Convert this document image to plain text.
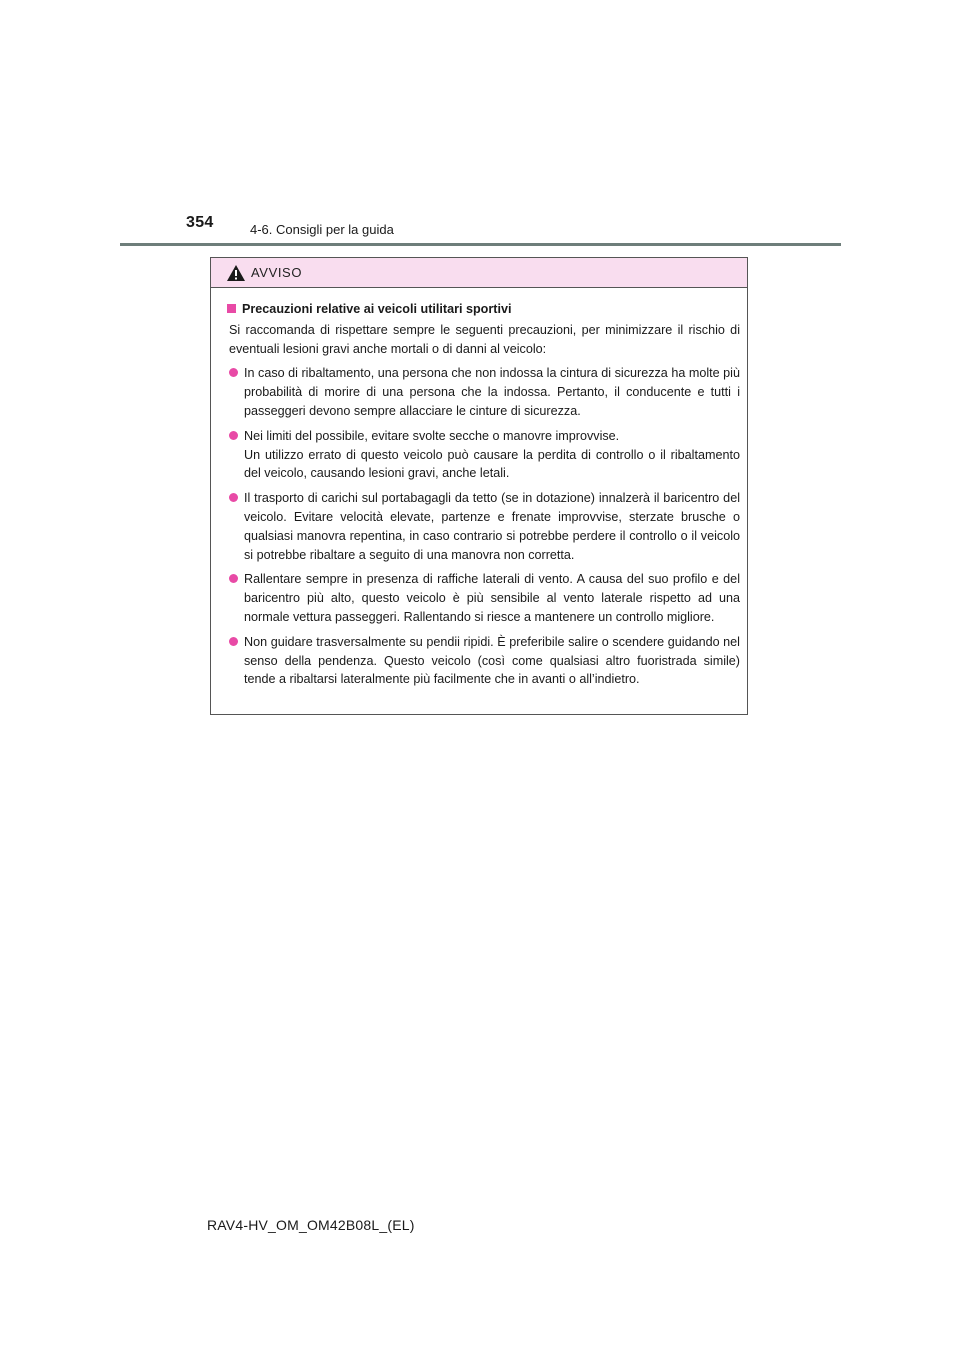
354	4-6. Consigli per la guida
AVVISO
Precauzioni relative ai veicoli utilitari sportivi

Si raccomanda di rispettare sempre le seguenti precauzioni, per minimizzare il rischio di eventuali lesioni gravi anche mortali o di danni al veicolo:

In caso di ribaltamento, una persona che non indossa la cintura di sicurezza ha molte più probabilità di morire di una persona che la indossa. Pertanto, il conducente e tutti i passeggeri devono sempre allacciare le cinture di sicurezza.
Nei limiti del possibile, evitare svolte secche o manovre improvvise.
Un utilizzo errato di questo veicolo può causare la perdita di controllo o il ribaltamento del veicolo, causando lesioni gravi, anche letali.
Il trasporto di carichi sul portabagagli da tetto (se in dotazione) innalzerà il baricentro del veicolo. Evitare velocità elevate, partenze e frenate improvvise, sterzate brusche o qualsiasi manovra repentina, in caso contrario si potrebbe perdere il controllo o il veicolo si potrebbe ribaltare a seguito di una manovra non corretta.
Rallentare sempre in presenza di raffiche laterali di vento. A causa del suo profilo e del baricentro più alto, questo veicolo è più sensibile al vento laterale rispetto ad una normale vettura passeggeri. Rallentando si riesce a mantenere un controllo migliore.
Non guidare trasversalmente su pendii ripidi. È preferibile salire o scendere guidando nel senso della pendenza. Questo veicolo (così come qualsiasi altro fuoristrada simile) tende a ribaltarsi lateralmente più facilmente che in avanti o all’indietro.
RAV4-HV_OM_OM42B08L_(EL)
